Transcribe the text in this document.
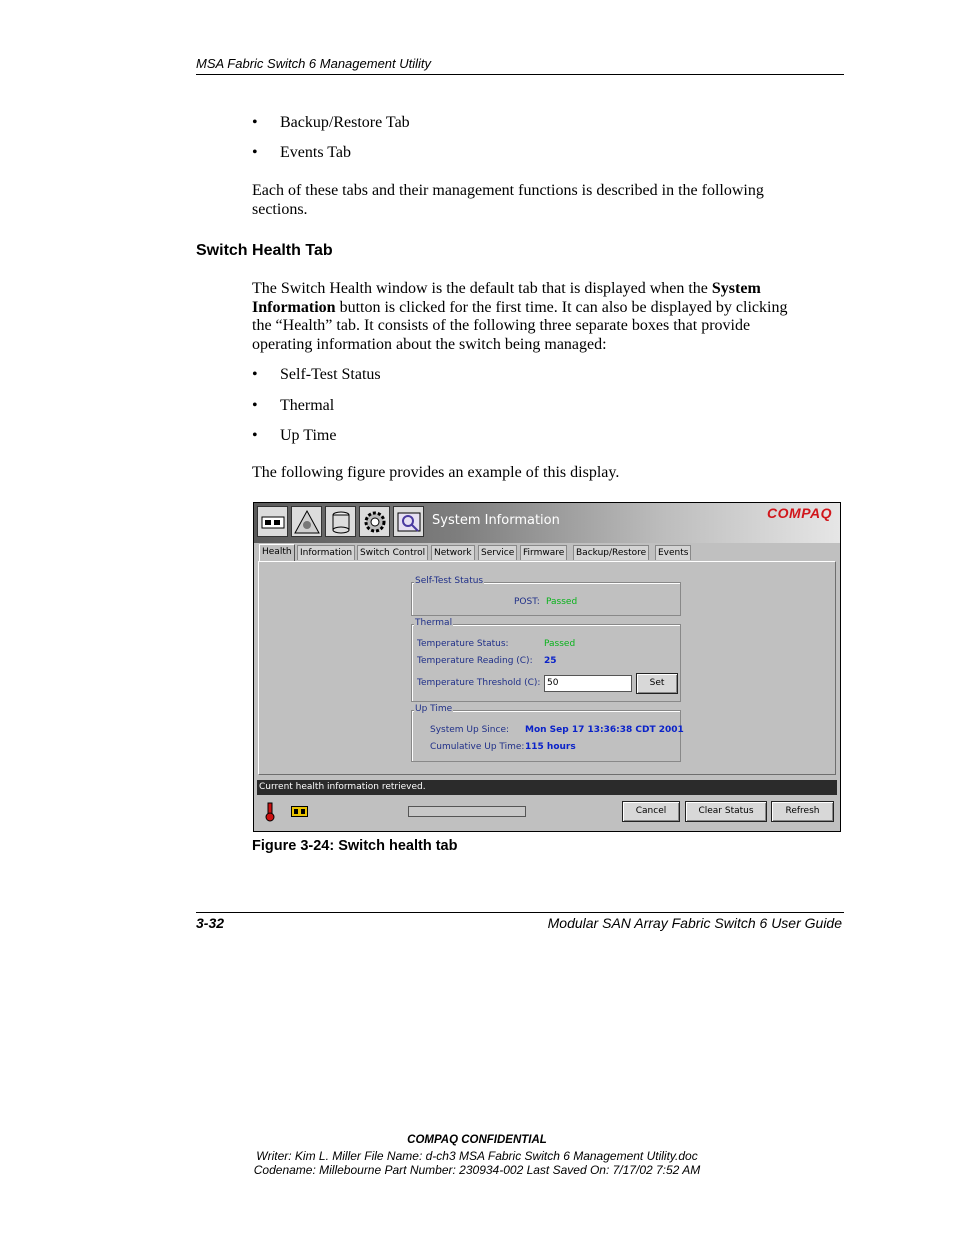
MSA Fabric Switch 6 Management Utility
• Backup/Restore Tab
• Events Tab
Each of these tabs and their management functions is described in the following
sections.
Switch Health Tab
The Switch Health window is the default tab that is displayed when the System
Information button is clicked for the first time. It can also be displayed by clicking
the “Health” tab. It consists of the following three separate boxes that provide
operating information about the switch being managed:
• Self-Test Status
• Thermal
• Up Time
The following figure provides an example of this display.
System Information	COMPAQ
Health Information Switch Control Network	Service Firmware	Backup/Restore	Events
Self-Test Status
POST: Passed
Thermal
Temperature Status:	Passed
Temperature Reading (C): 25
Temperature Threshold (C): 50	Set
Up Time
System Up Since: Mon Sep 17 13:36:38 CDT 2001
Cumulative Up Time: 115 hours
Current health information retrieved.
Cancel	Clear Status	Refresh
Figure 3-24: Switch health tab
3-32	Modular SAN Array Fabric Switch 6 User Guide
COMPAQ CONFIDENTIAL
Writer: Kim L. Miller File Name: d-ch3 MSA Fabric Switch 6 Management Utility.doc
Codename: Millebourne Part Number: 230934-002 Last Saved On: 7/17/02 7:52 AM
